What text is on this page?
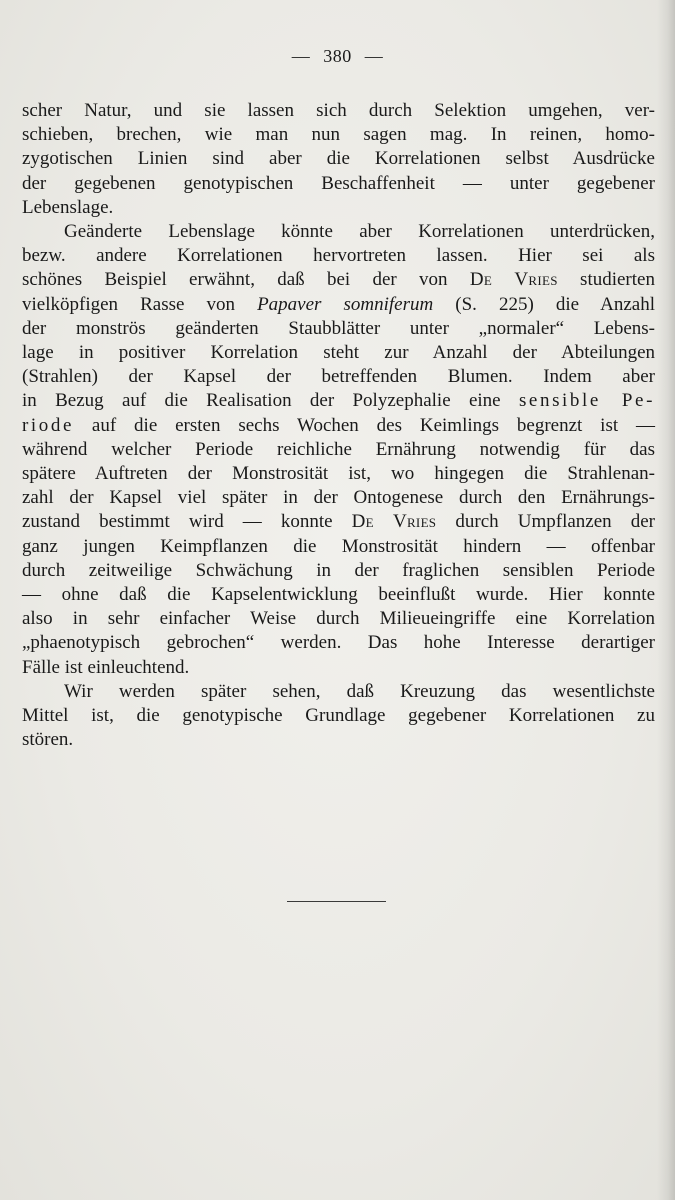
— 380 —

scher Natur, und sie lassen sich durch Selektion umgehen, ver-
schieben, brechen, wie man nun sagen mag. In reinen, homo-
zygotischen Linien sind aber die Korrelationen selbst Ausdrücke
der gegebenen genotypischen Beschaffenheit — unter gegebener
Lebenslage.

Geänderte Lebenslage könnte aber Korrelationen unterdrücken,
bezw. andere Korrelationen hervortreten lassen. Hier sei als
schönes Beispiel erwähnt, daß bei der von De Vries studierten
vielköpfigen Rasse von Papaver somniferum (S. 225) die Anzahl
der monströs geänderten Staubblätter unter „normaler“ Lebens-
lage in positiver Korrelation steht zur Anzahl der Abteilungen
(Strahlen) der Kapsel der betreffenden Blumen. Indem aber
in Bezug auf die Realisation der Polyzephalie eine sensible Pe-
riode auf die ersten sechs Wochen des Keimlings begrenzt ist —
während welcher Periode reichliche Ernährung notwendig für das
spätere Auftreten der Monstrosität ist, wo hingegen die Strahlenan-
zahl der Kapsel viel später in der Ontogenese durch den Ernährungs-
zustand bestimmt wird — konnte De Vries durch Umpflanzen der
ganz jungen Keimpflanzen die Monstrosität hindern — offenbar
durch zeitweilige Schwächung in der fraglichen sensiblen Periode
— ohne daß die Kapselentwicklung beeinflußt wurde. Hier konnte
also in sehr einfacher Weise durch Milieueingriffe eine Korrelation
„phaenotypisch gebrochen“ werden. Das hohe Interesse derartiger
Fälle ist einleuchtend.

Wir werden später sehen, daß Kreuzung das wesentlichste
Mittel ist, die genotypische Grundlage gegebener Korrelationen zu
stören.
